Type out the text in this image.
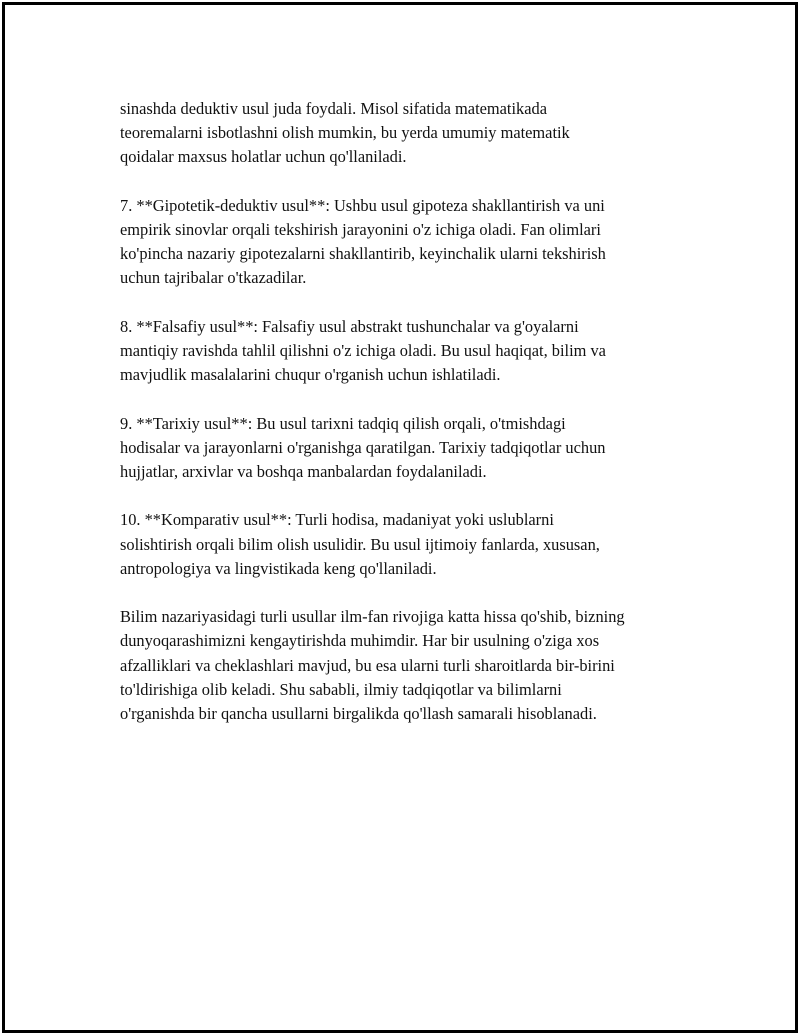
sinashda deduktiv usul juda foydali. Misol sifatida matematikada
teoremalarni isbotlashni olish mumkin, bu yerda umumiy matematik
qoidalar maxsus holatlar uchun qo'llaniladi.

7. **Gipotetik-deduktiv usul**: Ushbu usul gipoteza shakllantirish va uni
empirik sinovlar orqali tekshirish jarayonini o'z ichiga oladi. Fan olimlari
ko'pincha nazariy gipotezalarni shakllantirib, keyinchalik ularni tekshirish
uchun tajribalar o'tkazadilar.

8. **Falsafiy usul**: Falsafiy usul abstrakt tushunchalar va g'oyalarni
mantiqiy ravishda tahlil qilishni o'z ichiga oladi. Bu usul haqiqat, bilim va
mavjudlik masalalarini chuqur o'rganish uchun ishlatiladi.

9. **Tarixiy usul**: Bu usul tarixni tadqiq qilish orqali, o'tmishdagi
hodisalar va jarayonlarni o'rganishga qaratilgan. Tarixiy tadqiqotlar uchun
hujjatlar, arxivlar va boshqa manbalardan foydalaniladi.

10. **Komparativ usul**: Turli hodisa, madaniyat yoki uslublarni
solishtirish orqali bilim olish usulidir. Bu usul ijtimoiy fanlarda, xususan,
antropologiya va lingvistikada keng qo'llaniladi.

Bilim nazariyasidagi turli usullar ilm-fan rivojiga katta hissa qo'shib, bizning
dunyoqarashimizni kengaytirishda muhimdir. Har bir usulning o'ziga xos
afzalliklari va cheklashlari mavjud, bu esa ularni turli sharoitlarda bir-birini
to'ldirishiga olib keladi. Shu sababli, ilmiy tadqiqotlar va bilimlarni
o'rganishda bir qancha usullarni birgalikda qo'llash samarali hisoblanadi.
